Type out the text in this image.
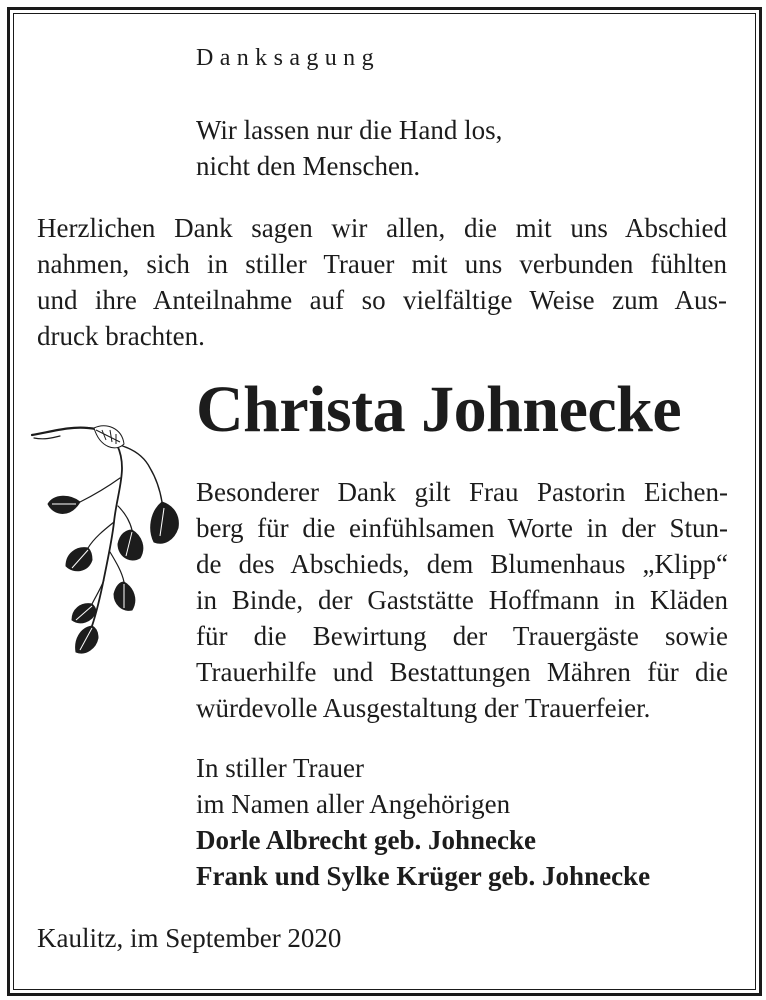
Danksagung
Wir lassen nur die Hand los,
nicht den Menschen.
Herzlichen Dank sagen wir allen, die mit uns Abschied
nahmen, sich in stiller Trauer mit uns verbunden fühlten
und ihre Anteilnahme auf so vielfältige Weise zum Aus-
druck brachten.
Christa Johnecke
Besonderer Dank gilt Frau Pastorin Eichen-
berg für die einfühlsamen Worte in der Stun-
de des Abschieds, dem Blumenhaus „Klipp“
in Binde, der Gaststätte Hoffmann in Kläden
für die Bewirtung der Trauergäste sowie
Trauerhilfe und Bestattungen Mähren für die
würdevolle Ausgestaltung der Trauerfeier.
In stiller Trauer
im Namen aller Angehörigen
Dorle Albrecht geb. Johnecke
Frank und Sylke Krüger geb. Johnecke
Kaulitz, im September 2020
